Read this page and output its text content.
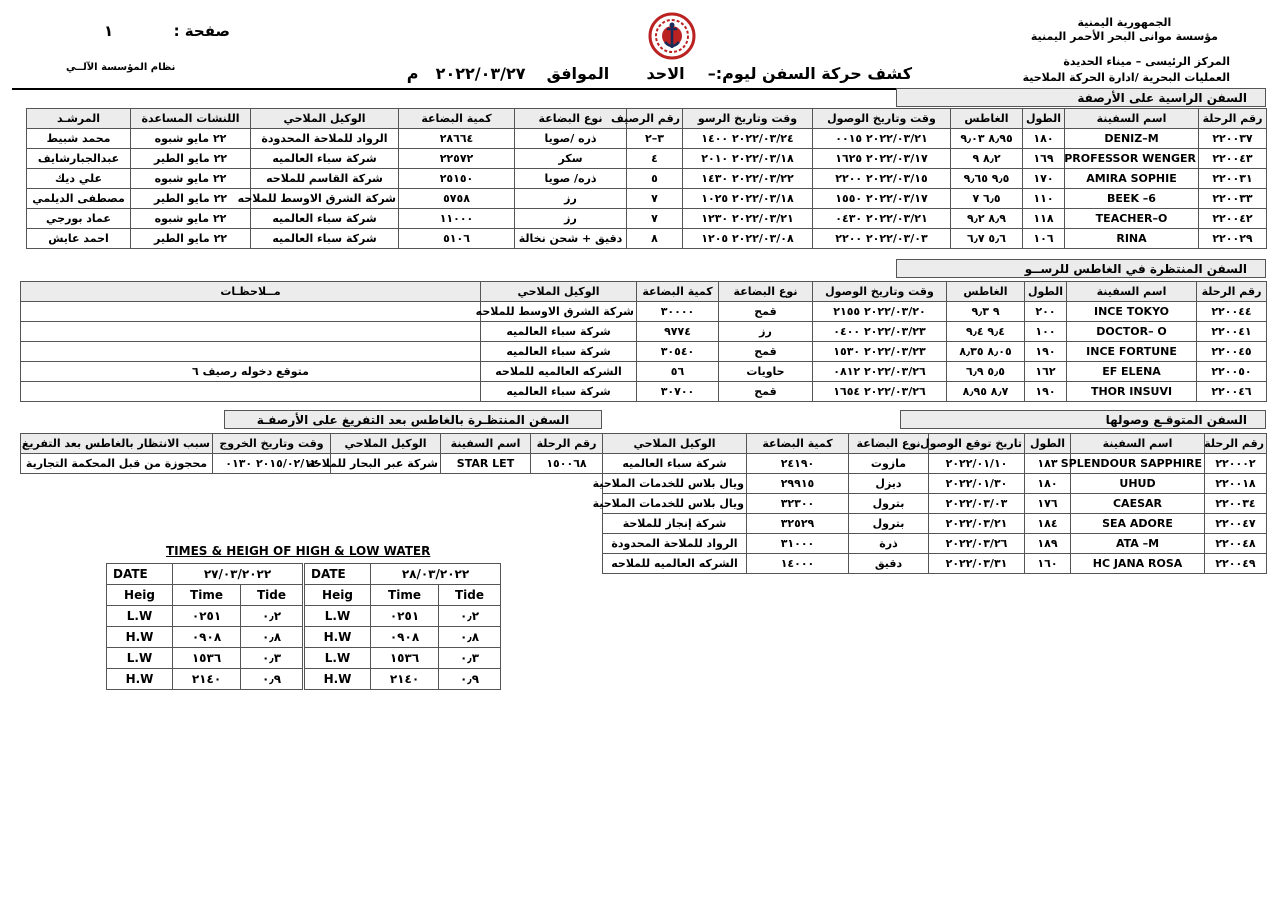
الجمهورية اليمنية
مؤسسة موانى البحر الأحمر اليمنية
المركز الرئيسى – ميناء الحديدة
العمليات البحرية /ادارة الحركة الملاحية
صفحة :  ١
نظام المؤسسة الآلــي	كشف حركة السفن ليوم:–  الاحد  الموافق  ٢٠٢٢/٠٣/٢٧  م
السفن الراسية على الأرصفة
رقم الرحلة	اسم السفينة	الطول	الغاطس	وقت وتاريخ الوصول	وقت وتاريخ الرسو	رقم الرصيف	نوع البضاعة	كمية البضاعة	الوكيل الملاحي	اللنشات المساعدة	المرشـد
٢٢٠٠٣٧	DENIZ–M	١٨٠	٨٫٩٥ ٩٫٠٣	٢٠٢٢/٠٣/٢١ ٠٠١٥	٢٠٢٢/٠٣/٢٤ ١٤٠٠	٣–٢	ذره /صويا	٢٨٦٦٤	الرواد للملاحة المحدودة	٢٢ مايو شبوه	محمد شبيط
٢٢٠٠٤٣	PROFESSOR WENGER	١٦٩	٨٫٢ ٩	٢٠٢٢/٠٣/١٧ ١٦٢٥	٢٠٢٢/٠٣/١٨ ٢٠١٠	٤	سكر	٢٢٥٧٢	شركة سباء العالميه	٢٢ مايو الطير	عبدالجبارشايف
٢٢٠٠٣١	AMIRA SOPHIE	١٧٠	٩٫٥ ٩٫٦٥	٢٠٢٢/٠٣/١٥ ٢٢٠٠	٢٠٢٢/٠٣/٢٢ ١٤٣٠	٥	ذره/ صويا	٢٥١٥٠	شركة القاسم للملاحه	٢٢ مايو شبوه	علي ديك
٢٢٠٠٣٣	BEEK –6	١١٠	٦٫٥ ٧	٢٠٢٢/٠٣/١٧ ١٥٥٠	٢٠٢٢/٠٣/١٨ ١٠٢٥	٧	رز	٥٧٥٨	شركة الشرق الاوسط للملاحه	٢٢ مايو الطير	مصطفى الديلمي
٢٢٠٠٤٢	TEACHER–O	١١٨	٨٫٩ ٩٫٢	٢٠٢٢/٠٣/٢١ ٠٤٣٠	٢٠٢٢/٠٣/٢١ ١٢٣٠	٧	رز	١١٠٠٠	شركة سباء العالميه	٢٢ مايو شبوه	عماد بورجي
٢٢٠٠٢٩	RINA	١٠٦	٥٫٦ ٦٫٧	٢٠٢٢/٠٣/٠٣ ٢٢٠٠	٢٠٢٢/٠٣/٠٨ ١٢٠٥	٨	دقيق + شحن نخالة	٥١٠٦	شركة سباء العالميه	٢٢ مايو الطير	احمد عايش
السفن المنتظرة في الغاطس للرســو
رقم الرحلة	اسم السفينة	الطول	الغاطس	وقت وتاريخ الوصول	نوع البضاعة	كمية البضاعة	الوكيل الملاحي	مــلاحظـات
٢٢٠٠٤٤	INCE TOKYO	٢٠٠	٩ ٩٫٣	٢٠٢٢/٠٣/٢٠ ٢١٥٥	قمح	٣٠٠٠٠	شركة الشرق الاوسط للملاحه	
٢٢٠٠٤١	DOCTOR– O	١٠٠	٩٫٤ ٩٫٤	٢٠٢٢/٠٣/٢٣ ٠٤٠٠	رز	٩٧٧٤	شركة سباء العالميه	
٢٢٠٠٤٥	INCE FORTUNE	١٩٠	٨٫٠٥ ٨٫٣٥	٢٠٢٢/٠٣/٢٣ ١٥٣٠	قمح	٣٠٥٤٠	شركة سباء العالميه	
٢٢٠٠٥٠	EF ELENA	١٦٢	٥٫٥ ٦٫٩	٢٠٢٢/٠٣/٢٦ ٠٨١٢	حاويات	٥٦	الشركه العالميه للملاحه	متوقع دخوله رصيف ٦
٢٢٠٠٤٦	THOR INSUVI	١٩٠	٨٫٧ ٨٫٩٥	٢٠٢٢/٠٣/٢٦ ١٦٥٤	قمح	٣٠٧٠٠	شركة سباء العالميه	
السفن المتوقـع وصولها
رقم الرحلة	اسم السفينة	الطول	تاريخ توقع الوصول	نوع البضاعة	كمية البضاعة	الوكيل الملاحي
٢٢٠٠٠٢	SPLENDOUR SAPPHIRE	١٨٣	٢٠٢٢/٠١/١٠	مازوت	٢٤١٩٠	شركة سباء العالميه
٢٢٠٠١٨	UHUD	١٨٠	٢٠٢٢/٠١/٣٠	ديزل	٢٩٩١٥	ويال بلاس للخدمات الملاحية
٢٢٠٠٣٤	CAESAR	١٧٦	٢٠٢٢/٠٣/٠٣	بترول	٣٢٣٠٠	ويال بلاس للخدمات الملاحية
٢٢٠٠٤٧	SEA ADORE	١٨٤	٢٠٢٢/٠٣/٢١	بترول	٣٢٥٢٩	شركة إنجاز للملاحة
٢٢٠٠٤٨	ATA –M	١٨٩	٢٠٢٢/٠٣/٢٦	ذرة	٣١٠٠٠	الرواد للملاحة المحدودة
٢٢٠٠٤٩	HC JANA ROSA	١٦٠	٢٠٢٢/٠٣/٣١	دقيق	١٤٠٠٠	الشركه العالميه للملاحه
السفن المنتظـرة بالغاطس بعد التفريغ على الأرصفـة
رقم الرحلة	اسم السفينة	الوكيل الملاحي	وقت وتاريخ الخروج	سبب الانتظار بالغاطس بعد التفريغ
١٥٠٠٦٨	STAR LET	شركة عبر البحار للملاحة	٢٠١٥/٠٢/١٢ ٠١٣٠	محجوزة من قبل المحكمة التجارية
TIMES & HEIGH OF HIGH & LOW WATER
DATE	٢٧/٠٣/٢٠٢٢	
Heig	Time	Tide
L.W	٠٢٥١	٠٫٢
H.W	٠٩٠٨	٠٫٨
L.W	١٥٣٦	٠٫٣
H.W	٢١٤٠	٠٫٩
DATE	٢٨/٠٣/٢٠٢٢	
Heig	Time	Tide
L.W	٠٢٥١	٠٫٢
H.W	٠٩٠٨	٠٫٨
L.W	١٥٣٦	٠٫٣
H.W	٢١٤٠	٠٫٩
